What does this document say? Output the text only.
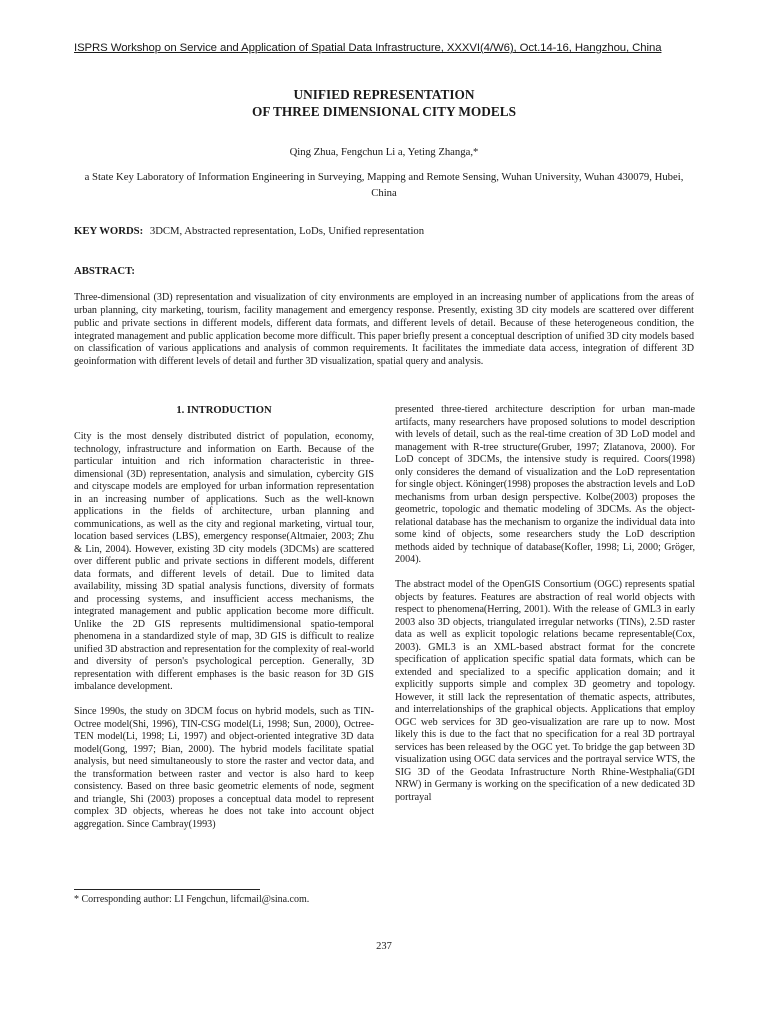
ISPRS Workshop on Service and Application of Spatial Data Infrastructure, XXXVI(4/W6), Oct.14-16, Hangzhou, China
UNIFIED REPRESENTATION
OF THREE DIMENSIONAL CITY MODELS
Qing Zhua, Fengchun Li a, Yeting Zhanga,*
a State Key Laboratory of Information Engineering in Surveying, Mapping and Remote Sensing, Wuhan University, Wuhan 430079, Hubei, China
KEY WORDS: 3DCM, Abstracted representation, LoDs, Unified representation
ABSTRACT:

Three-dimensional (3D) representation and visualization of city environments are employed in an increasing number of applications from the areas of urban planning, city marketing, tourism, facility management and emergency response. Presently, existing 3D city models are scattered over different public and private sections in different models, different data formats, and different levels of detail. Because of these heterogeneous condition, the integrated management and public application become more difficult. This paper briefly present a conceptual description of unified 3D city models based on classification of various applications and analysis of common requirements. It facilitates the immediate data access, integration of different 3D geoinformation with different levels of detail and further 3D visualization, spatial query and analysis.

1. INTRODUCTION

City is the most densely distributed district of population, economy, technology, infrastructure and information on Earth. Because of the particular intuition and rich information characteristic in three-dimensional (3D) representation, analysis and simulation, cybercity GIS and cityscape models are employed for urban information representation in an increasing number of applications. Such as the well-known applications in the fields of architecture, urban planning and communications, as well as the city and regional marketing, virtual tour, location based services (LBS), emergency response(Altmaier, 2003; Zhu & Lin, 2004). However, existing 3D city models (3DCMs) are scattered over different public and private sections in different models, different data formats, and different levels of detail. Due to limited data availability, missing 3D spatial analysis functions, diversity of formats and processing systems, and insufficient access mechanisms, the integrated management and public application become more difficult. Unlike the 2D GIS represents multidimensional spatio-temporal phenomena in a standardized style of map, 3D GIS is difficult to realize unified 3D abstraction and representation for the complexity of real-world and diversity of person's psychological perception. Generally, 3D representation with different emphases is the basic reason for 3D GIS imbalance development.

Since 1990s, the study on 3DCM focus on hybrid models, such as TIN-Octree model(Shi, 1996), TIN-CSG model(Li, 1998; Sun, 2000), Octree-TEN model(Li, 1998; Li, 1997) and object-oriented integrative 3D data model(Gong, 1997; Bian, 2000). The hybrid models facilitate spatial analysis, but need simultaneously to store the raster and vector data, and the transformation between raster and vector is also hard to keep consistency. Based on three basic geometric elements of node, segment and triangle, Shi (2003) proposes a conceptual data model to represent complex 3D objects, whereas he does not take into account object aggregation. Since Cambray(1993)

presented three-tiered architecture description for urban man-made artifacts, many researchers have proposed solutions to model description with levels of detail, such as the real-time creation of 3D LoD model and management with R-tree structure(Gruber, 1997; Zlatanova, 2000). For LoD concept of 3DCMs, the intensive study is required. Coors(1998) only consideres the demand of visualization and the LoD representation for single object. Köninger(1998) proposes the abstraction levels and LoD mechanisms from urban design perspective. Kolbe(2003) proposes the geometric, topologic and thematic modeling of 3DCMs. As the object-relational database has the mechanism to organize the individual data into some kind of objects, some researchers study the LoD description methods aided by technique of database(Kofler, 1998; Li, 2000; Gröger, 2004).

The abstract model of the OpenGIS Consortium (OGC) represents spatial objects by features. Features are abstraction of real world objects with respect to phenomena(Herring, 2001). With the release of GML3 in early 2003 also 3D objects, triangulated irregular networks (TINs), 2.5D raster data as well as explicit topologic relations became representable(Cox, 2003). GML3 is an XML-based abstract format for the concrete specification of application specific spatial data formats, which can be extended and specialized to a specific application domain; and it explicitly supports simple and complex 3D geometry and topology. However, it still lack the representation of thematic aspects, attributes, and interrelationships of the graphical objects. Applications that employ OGC web services for 3D geo-visualization are rare up to now. Most likely this is due to the fact that no specification for a real 3D portrayal services has been released by the OGC yet. To bridge the gap between 3D visualization using OGC data services and the portrayal service WTS, the SIG 3D of the Geodata Infrastructure North Rhine-Westphalia(GDI NRW) in Germany is working on the specification of a new dedicated 3D portrayal

* Corresponding author: LI Fengchun, lifcmail@sina.com.
237
